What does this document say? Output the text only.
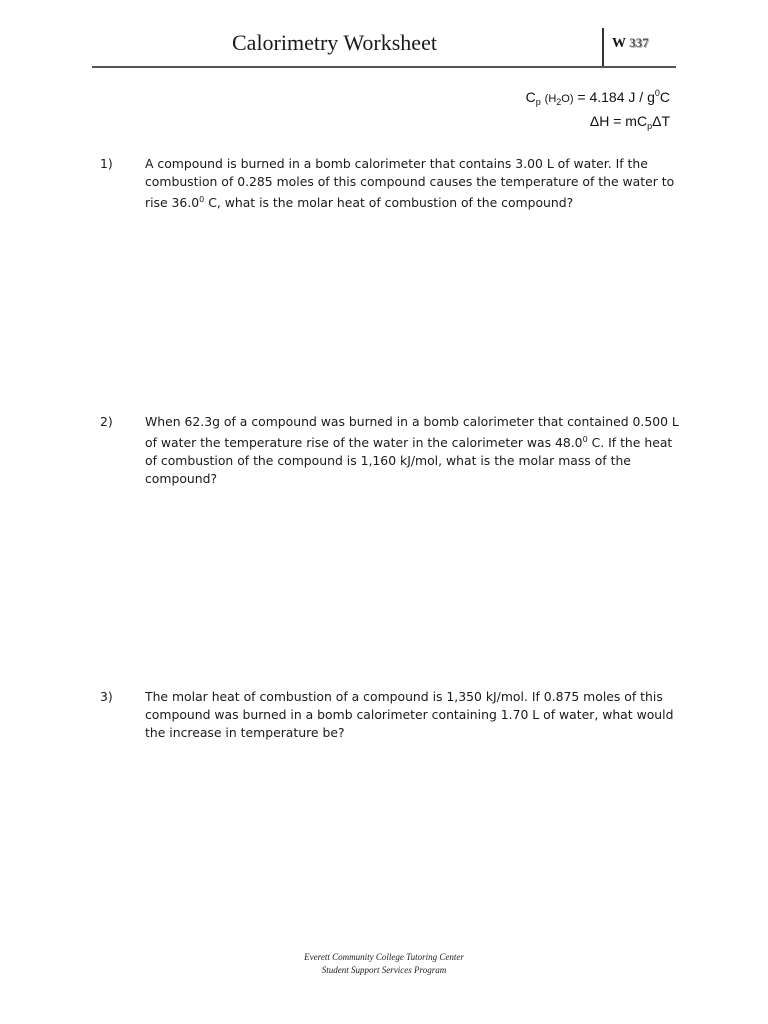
Calorimetry Worksheet	W 337
$C_p$ $(H_2O) = 4.184$ J / $g^0C$
$\Delta H = mC_p\Delta T$
1)	A compound is burned in a bomb calorimeter that contains 3.00 L of water. If the combustion of 0.285 moles of this compound causes the temperature of the water to rise 36.0$^0$ C, what is the molar heat of combustion of the compound?
2)	When 62.3g of a compound was burned in a bomb calorimeter that contained 0.500 L of water the temperature rise of the water in the calorimeter was 48.0$^0$ C. If the heat of combustion of the compound is 1,160 kJ/mol, what is the molar mass of the compound?
3)	The molar heat of combustion of a compound is 1,350 kJ/mol. If 0.875 moles of this compound was burned in a bomb calorimeter containing 1.70 L of water, what would the increase in temperature be?
Everett Community College Tutoring Center
Student Support Services Program
